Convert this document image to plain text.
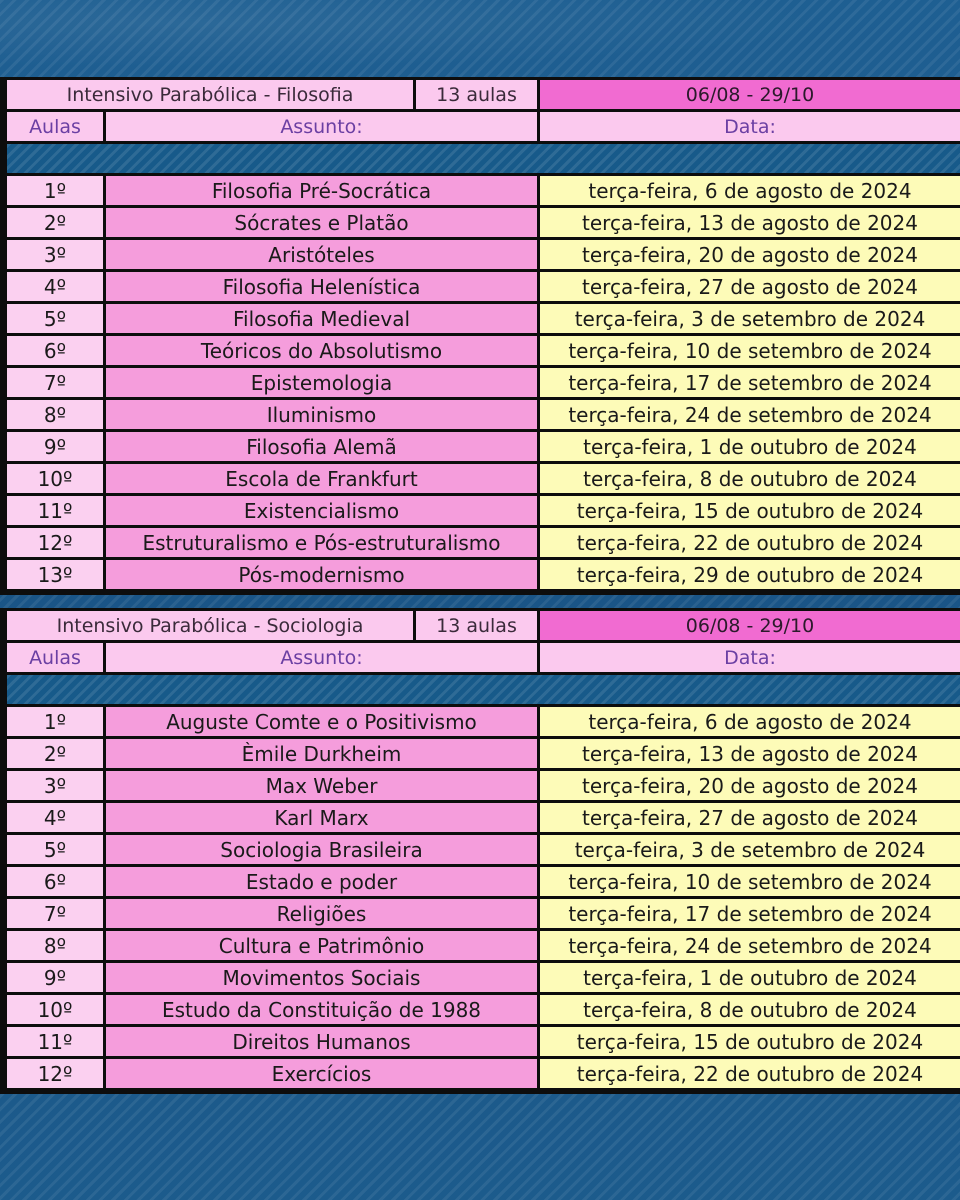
Intensivo Parabólica - Filosofia	13 aulas	06/08 - 29/10
Aulas	Assunto:	Data:
1º	Filosofia Pré-Socrática	terça-feira, 6 de agosto de 2024
2º	Sócrates e Platão	terça-feira, 13 de agosto de 2024
3º	Aristóteles	terça-feira, 20 de agosto de 2024
4º	Filosofia Helenística	terça-feira, 27 de agosto de 2024
5º	Filosofia Medieval	terça-feira, 3 de setembro de 2024
6º	Teóricos do Absolutismo	terça-feira, 10 de setembro de 2024
7º	Epistemologia	terça-feira, 17 de setembro de 2024
8º	Iluminismo	terça-feira, 24 de setembro de 2024
9º	Filosofia Alemã	terça-feira, 1 de outubro de 2024
10º	Escola de Frankfurt	terça-feira, 8 de outubro de 2024
11º	Existencialismo	terça-feira, 15 de outubro de 2024
12º	Estruturalismo e Pós-estruturalismo	terça-feira, 22 de outubro de 2024
13º	Pós-modernismo	terça-feira, 29 de outubro de 2024
Intensivo Parabólica - Sociologia	13 aulas	06/08 - 29/10
Aulas	Assunto:	Data:
1º	Auguste Comte e o Positivismo	terça-feira, 6 de agosto de 2024
2º	Èmile Durkheim	terça-feira, 13 de agosto de 2024
3º	Max Weber	terça-feira, 20 de agosto de 2024
4º	Karl Marx	terça-feira, 27 de agosto de 2024
5º	Sociologia Brasileira	terça-feira, 3 de setembro de 2024
6º	Estado e poder	terça-feira, 10 de setembro de 2024
7º	Religiões	terça-feira, 17 de setembro de 2024
8º	Cultura e Patrimônio	terça-feira, 24 de setembro de 2024
9º	Movimentos Sociais	terça-feira, 1 de outubro de 2024
10º	Estudo da Constituição de 1988	terça-feira, 8 de outubro de 2024
11º	Direitos Humanos	terça-feira, 15 de outubro de 2024
12º	Exercícios	terça-feira, 22 de outubro de 2024
